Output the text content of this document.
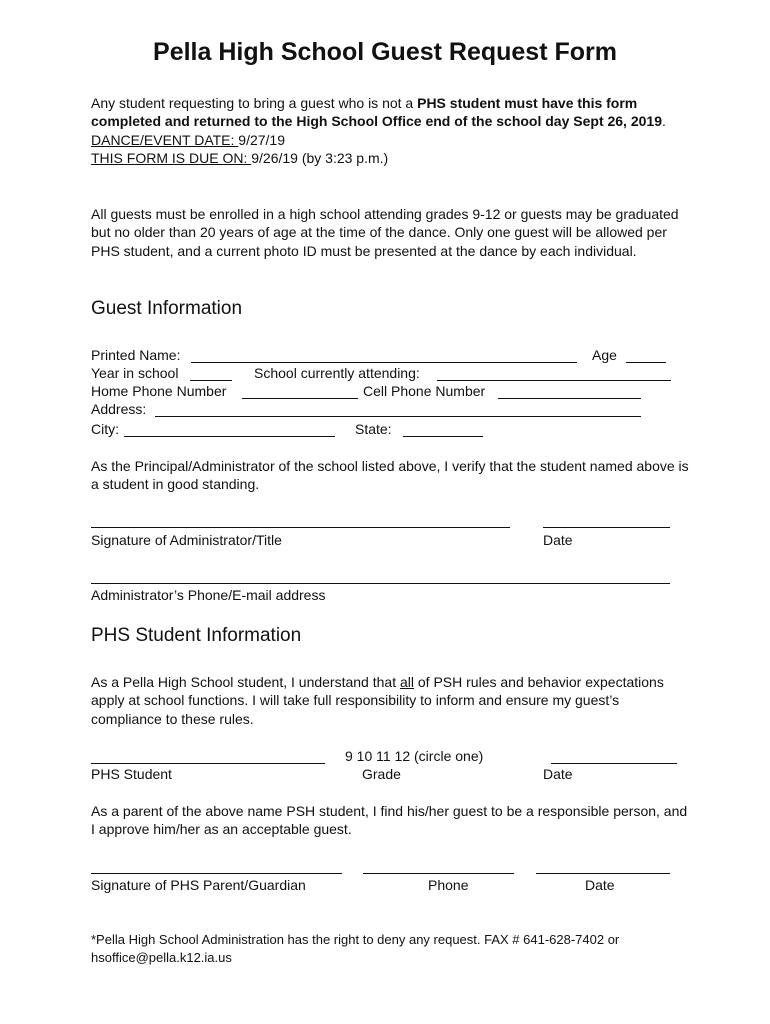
Pella High School Guest Request Form
Any student requesting to bring a guest who is not a PHS student must have this form completed and returned to the High School Office end of the school day Sept 26, 2019.
DANCE/EVENT DATE: 9/27/19
THIS FORM IS DUE ON: 9/26/19 (by 3:23 p.m.)
All guests must be enrolled in a high school attending grades 9-12 or guests may be graduated but no older than 20 years of age at the time of the dance. Only one guest will be allowed per PHS student, and a current photo ID must be presented at the dance by each individual.
Guest Information
Printed Name:	Age
Year in school	School currently attending:
Home Phone Number	Cell Phone Number
Address:
City:	State:
As the Principal/Administrator of the school listed above, I verify that the student named above is a student in good standing.
Signature of Administrator/Title	Date
Administrator’s Phone/E-mail address
PHS Student Information
As a Pella High School student, I understand that all of PSH rules and behavior expectations apply at school functions. I will take full responsibility to inform and ensure my guest’s compliance to these rules.
9 10 11 12 (circle one)
PHS Student	Grade	Date
As a parent of the above name PSH student, I find his/her guest to be a responsible person, and I approve him/her as an acceptable guest.
Signature of PHS Parent/Guardian	Phone	Date
*Pella High School Administration has the right to deny any request. FAX # 641-628-7402 or hsoffice@pella.k12.ia.us
